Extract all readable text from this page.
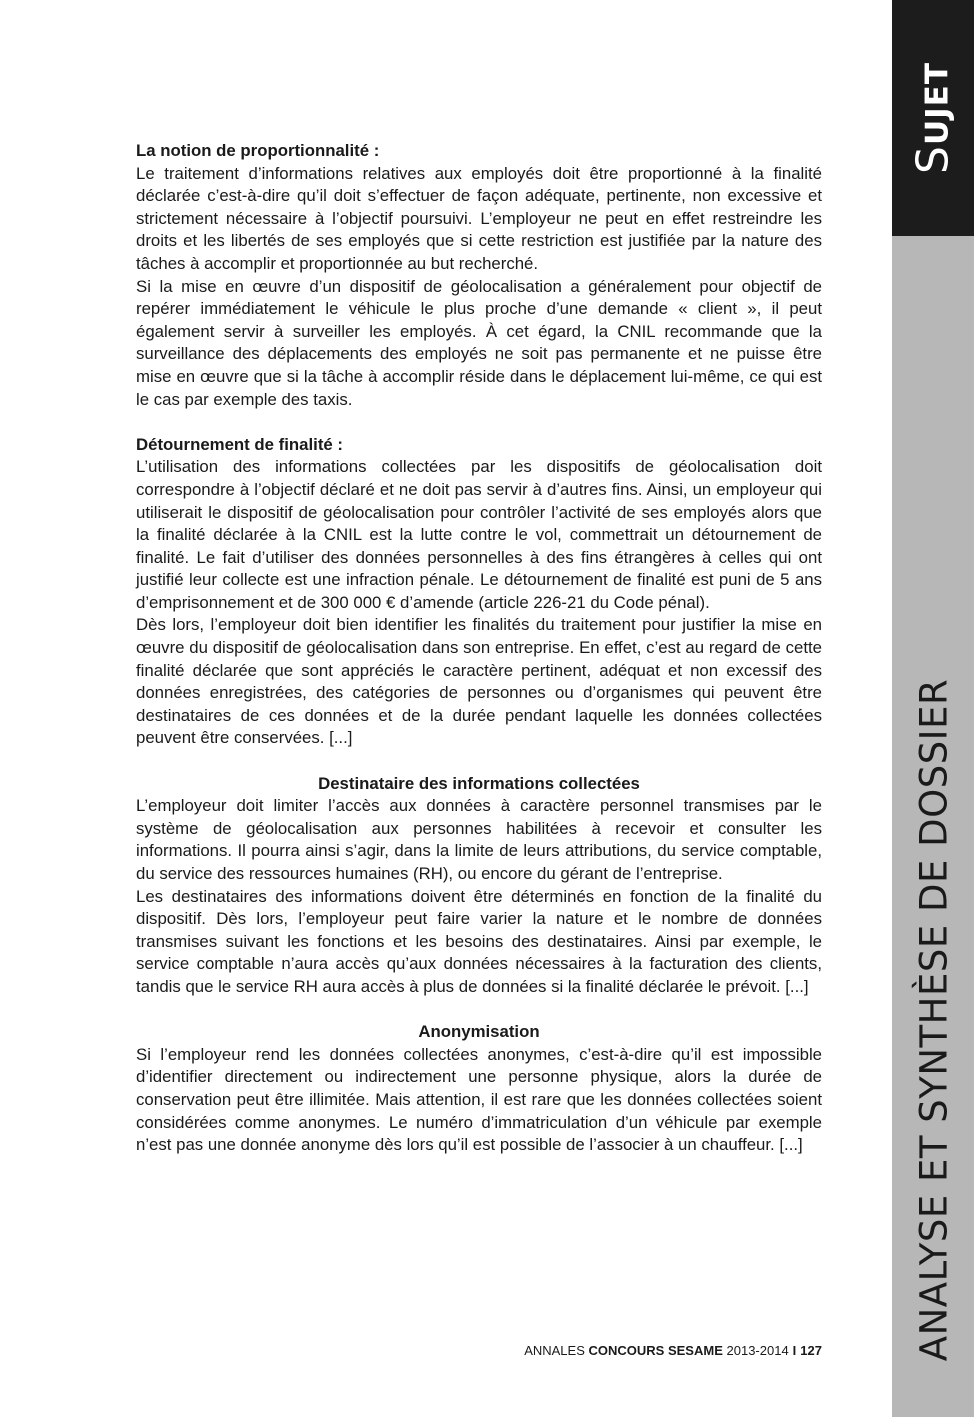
SUJET
ANALYSE ET SYNTHÈSE DE DOSSIER

La notion de proportionnalité :

Le traitement d’informations relatives aux employés doit être proportionné à la finalité déclarée c’est-à-dire qu’il doit s’effectuer de façon adéquate, pertinente, non excessive et strictement nécessaire à l’objectif poursuivi. L’employeur ne peut en effet restreindre les droits et les libertés de ses employés que si cette restriction est justifiée par la nature des tâches à accomplir et proportionnée au but recherché.

Si la mise en œuvre d’un dispositif de géolocalisation a généralement pour objectif de repérer immédiatement le véhicule le plus proche d’une demande « client », il peut également servir à surveiller les employés. À cet égard, la CNIL recommande que la surveillance des déplacements des employés ne soit pas permanente et ne puisse être mise en œuvre que si la tâche à accomplir réside dans le déplacement lui-même, ce qui est le cas par exemple des taxis.

Détournement de finalité :

L’utilisation des informations collectées par les dispositifs de géolocalisation doit correspondre à l’objectif déclaré et ne doit pas servir à d’autres fins. Ainsi, un employeur qui utiliserait le dispositif de géolocalisation pour contrôler l’activité de ses employés alors que la finalité déclarée à la CNIL est la lutte contre le vol, commettrait un détournement de finalité. Le fait d’utiliser des données personnelles à des fins étrangères à celles qui ont justifié leur collecte est une infraction pénale. Le détournement de finalité est puni de 5 ans d’emprisonnement et de 300 000 € d’amende (article 226-21 du Code pénal).

Dès lors, l’employeur doit bien identifier les finalités du traitement pour justifier la mise en œuvre du dispositif de géolocalisation dans son entreprise. En effet, c’est au regard de cette finalité déclarée que sont appréciés le caractère pertinent, adéquat et non excessif des données enregistrées, des catégories de personnes ou d’organismes qui peuvent être destinataires de ces données et de la durée pendant laquelle les données collectées peuvent être conservées. [...]

Destinataire des informations collectées

L’employeur doit limiter l’accès aux données à caractère personnel transmises par le système de géolocalisation aux personnes habilitées à recevoir et consulter les informations. Il pourra ainsi s’agir, dans la limite de leurs attributions, du service comptable, du service des ressources humaines (RH), ou encore du gérant de l’entreprise.

Les destinataires des informations doivent être déterminés en fonction de la finalité du dispositif. Dès lors, l’employeur peut faire varier la nature et le nombre de données transmises suivant les fonctions et les besoins des destinataires. Ainsi par exemple, le service comptable n’aura accès qu’aux données nécessaires à la facturation des clients, tandis que le service RH aura accès à plus de données si la finalité déclarée le prévoit. [...]

Anonymisation

Si l’employeur rend les données collectées anonymes, c’est-à-dire qu’il est impossible d’identifier directement ou indirectement une personne physique, alors la durée de conservation peut être illimitée. Mais attention, il est rare que les données collectées soient considérées comme anonymes. Le numéro d’immatriculation d’un véhicule par exemple n’est pas une donnée anonyme dès lors qu’il est possible de l’associer à un chauffeur. [...]

ANNALES CONCOURS SESAME 2013-2014 I 127
